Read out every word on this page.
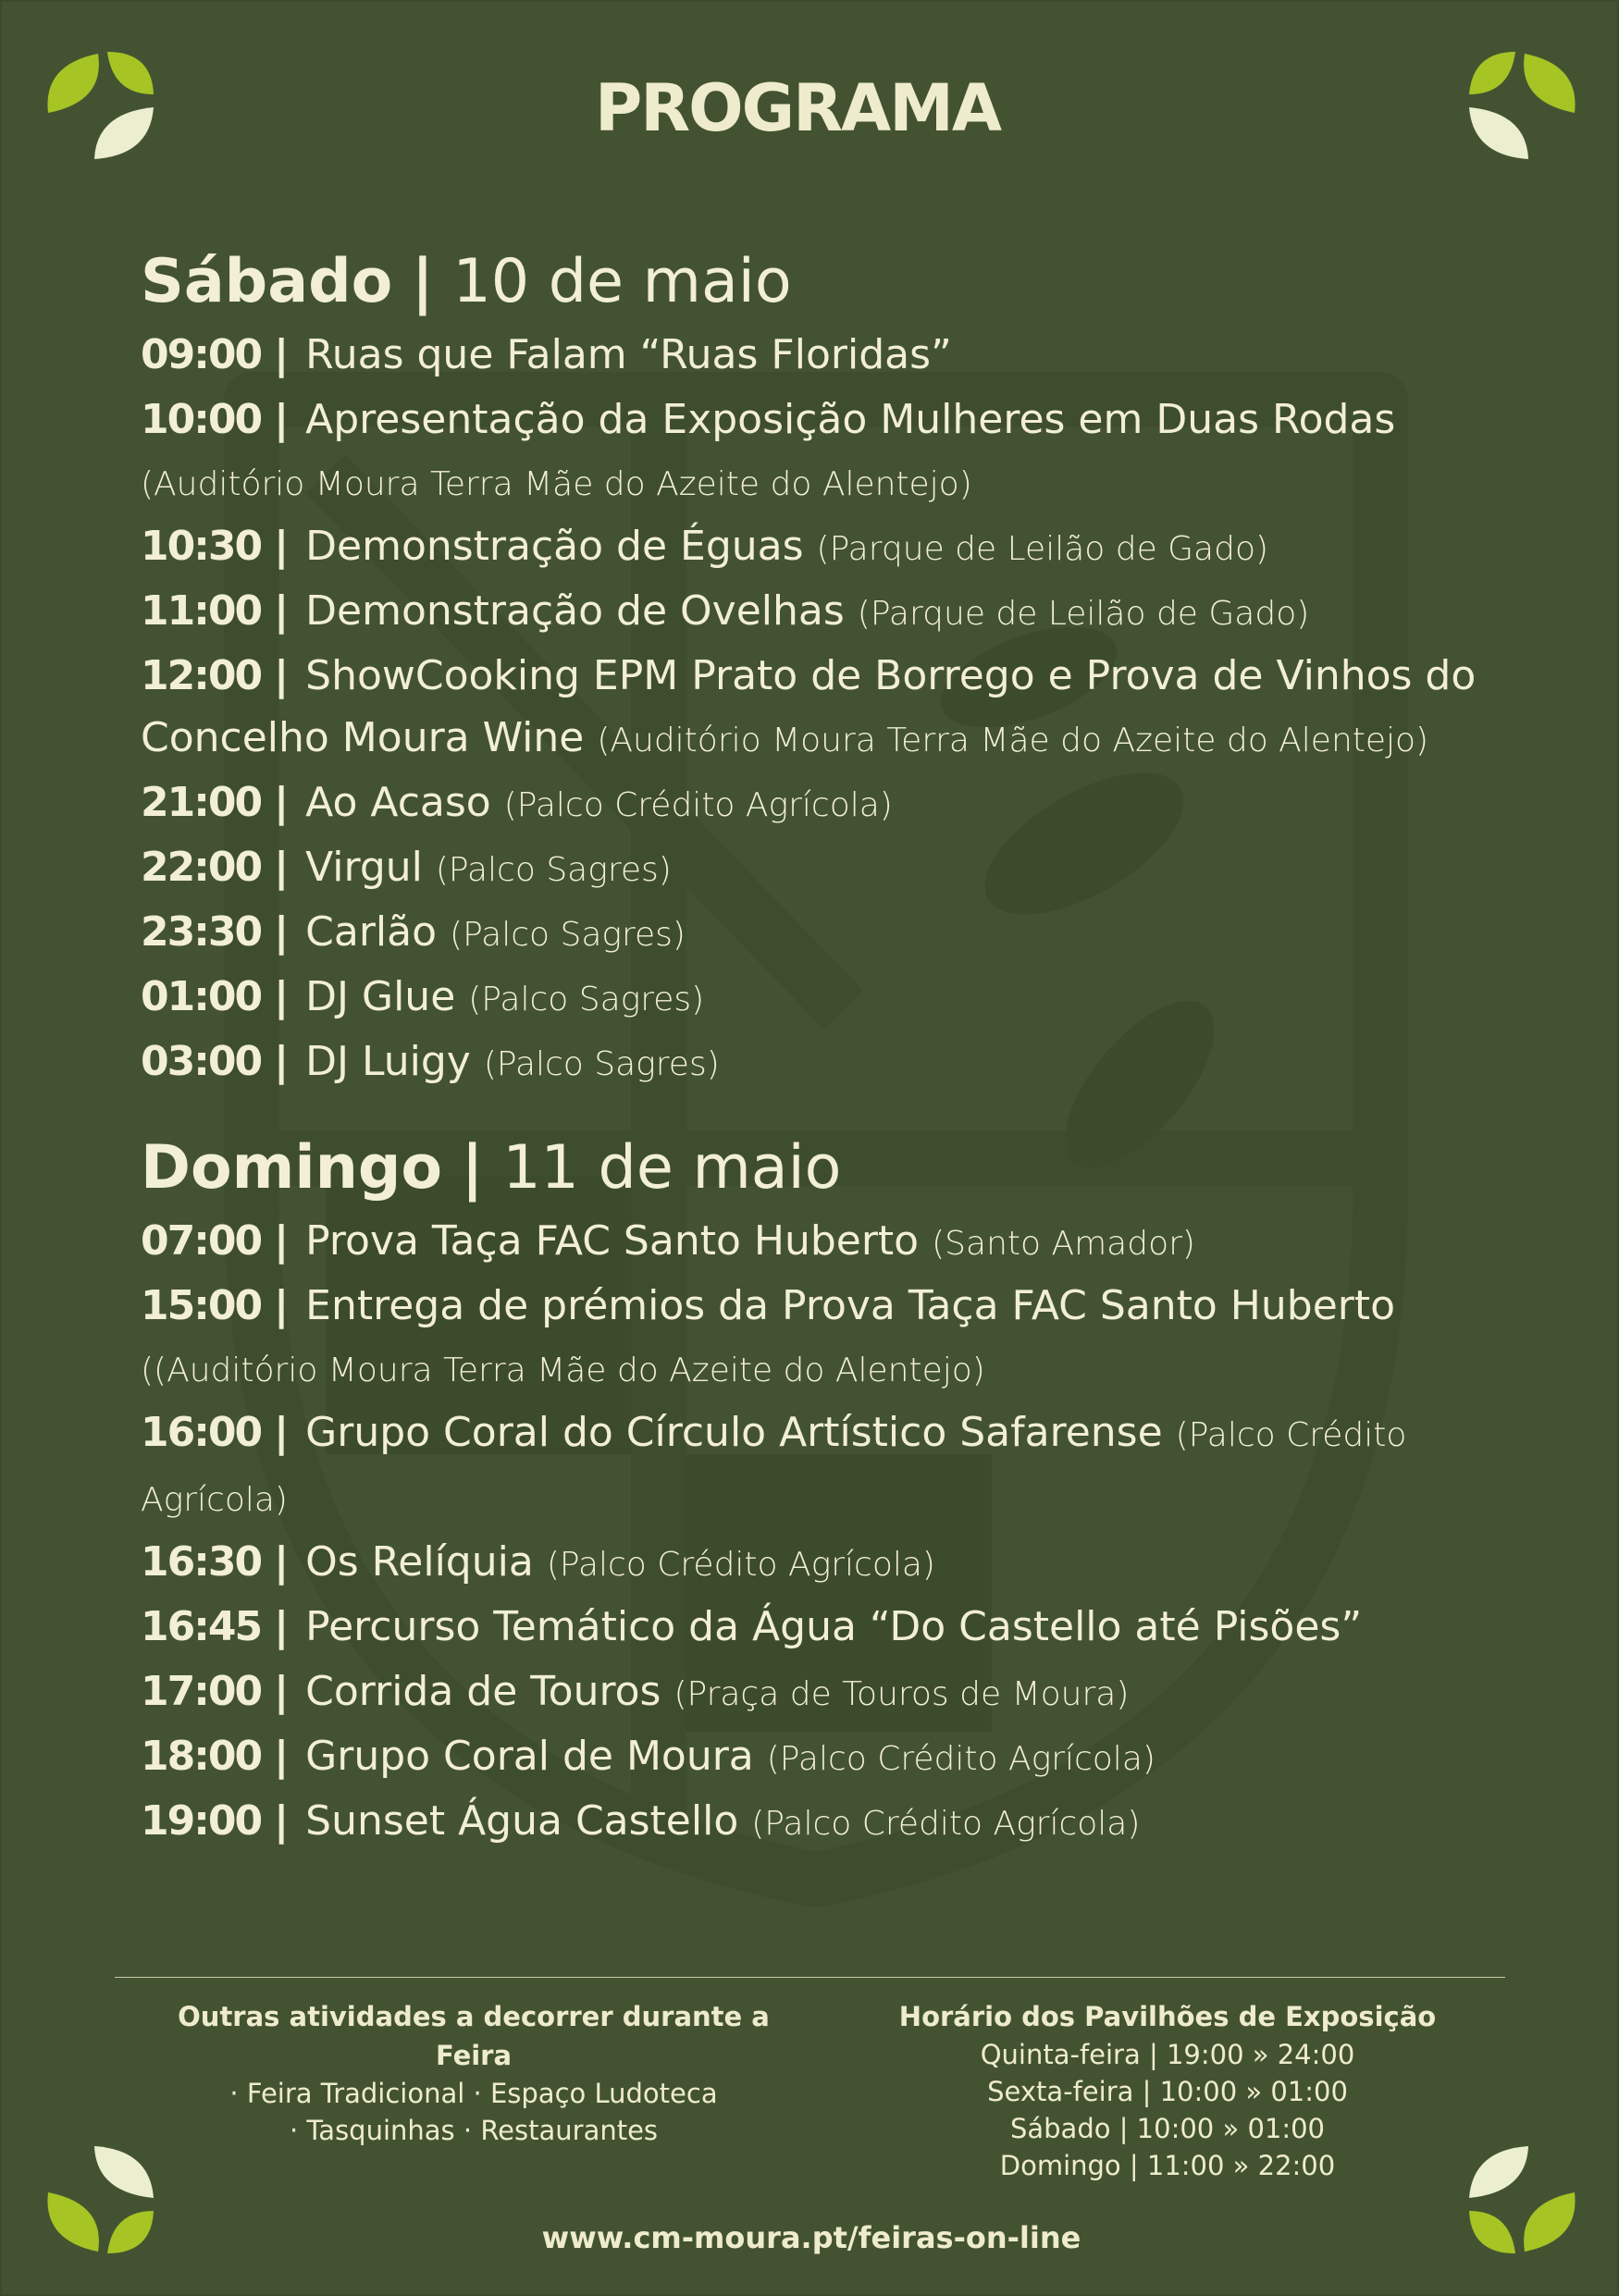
PROGRAMA

Sábado | 10 de maio

09:00 | Ruas que Falam “Ruas Floridas”

10:00 | Apresentação da Exposição Mulheres em Duas Rodas (Auditório Moura Terra Mãe do Azeite do Alentejo)

10:30 | Demonstração de Éguas (Parque de Leilão de Gado)

11:00 | Demonstração de Ovelhas (Parque de Leilão de Gado)

12:00 | ShowCooking EPM Prato de Borrego e Prova de Vinhos do Concelho Moura Wine (Auditório Moura Terra Mãe do Azeite do Alentejo)

21:00 | Ao Acaso (Palco Crédito Agrícola)

22:00 | Virgul (Palco Sagres)

23:30 | Carlão (Palco Sagres)

01:00 | DJ Glue (Palco Sagres)

03:00 | DJ Luigy (Palco Sagres)

Domingo | 11 de maio

07:00 | Prova Taça FAC Santo Huberto (Santo Amador)

15:00 | Entrega de prémios da Prova Taça FAC Santo Huberto ((Auditório Moura Terra Mãe do Azeite do Alentejo)

16:00 | Grupo Coral do Círculo Artístico Safarense (Palco Crédito Agrícola)

16:30 | Os Relíquia (Palco Crédito Agrícola)

16:45 | Percurso Temático da Água “Do Castello até Pisões”

17:00 | Corrida de Touros (Praça de Touros de Moura)

18:00 | Grupo Coral de Moura (Palco Crédito Agrícola)

19:00 | Sunset Água Castello (Palco Crédito Agrícola)

Outras atividades a decorrer durante a Feira

· Feira Tradicional · Espaço Ludoteca

· Tasquinhas · Restaurantes

Horário dos Pavilhões de Exposição

Quinta-feira | 19:00 » 24:00

Sexta-feira | 10:00 » 01:00

Sábado | 10:00 » 01:00

Domingo | 11:00 » 22:00

www.cm-moura.pt/feiras-on-line
